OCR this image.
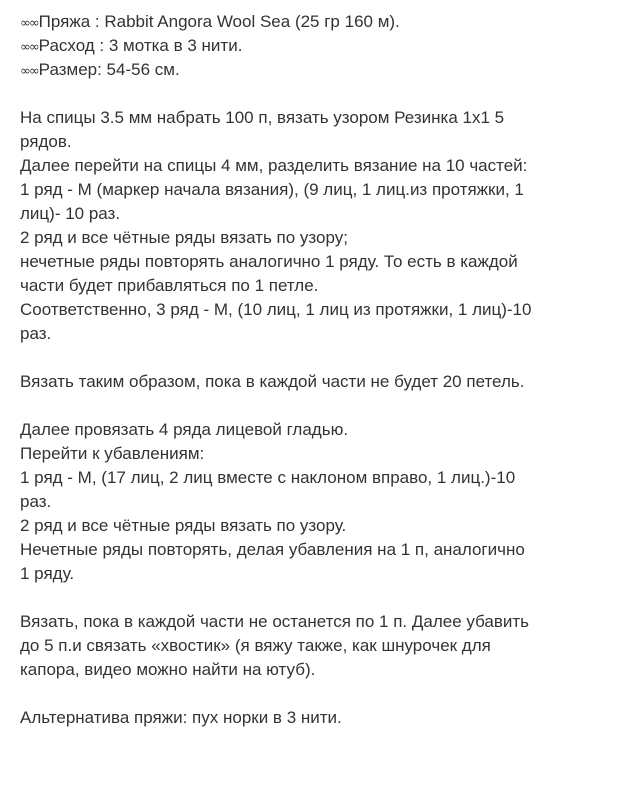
∞∞Пряжа : Rabbit Angora Wool Sea (25 гр 160 м).
∞∞Расход : 3 мотка в 3 нити.
∞∞Размер: 54-56 см.
На спицы 3.5 мм набрать 100 п, вязать узором Резинка 1х1 5
рядов.
Далее перейти на спицы 4 мм, разделить вязание на 10 частей:
1 ряд - М (маркер начала вязания), (9 лиц, 1 лиц.из протяжки, 1
лиц)- 10 раз.
2 ряд и все чётные ряды вязать по узору;
нечетные ряды повторять аналогично 1 ряду. То есть в каждой
части будет прибавляться по 1 петле.
Соответственно, 3 ряд - М, (10 лиц, 1 лиц из протяжки, 1 лиц)-10
раз.
Вязать таким образом, пока в каждой части не будет 20 петель.
Далее провязать 4 ряда лицевой гладью.
Перейти к убавлениям:
1 ряд - М, (17 лиц, 2 лиц вместе с наклоном вправо, 1 лиц.)-10
раз.
2 ряд и все чётные ряды вязать по узору.
Нечетные ряды повторять, делая убавления на 1 п, аналогично
1 ряду.
Вязать, пока в каждой части не останется по 1 п. Далее убавить
до 5 п.и связать «хвостик» (я вяжу также, как шнурочек для
капора, видео можно найти на ютуб).
Альтернатива пряжи: пух норки в 3 нити.
